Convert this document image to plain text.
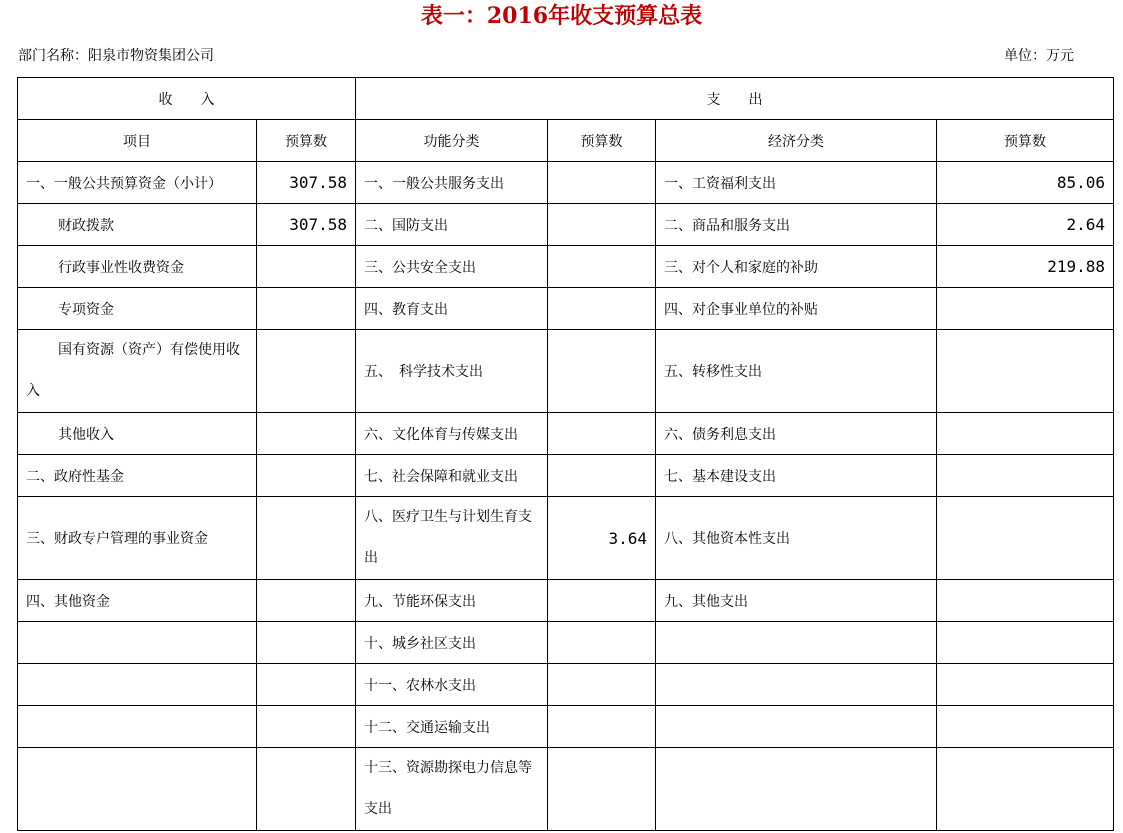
表一：2016年收支预算总表
部门名称：阳泉市物资集团公司	单位：万元
收　　入		支　　出			
项目	预算数	功能分类	预算数	经济分类	预算数
一、一般公共预算资金（小计）	307.58	一、一般公共服务支出		一、工资福利支出	85.06
财政拨款	307.58	二、国防支出		二、商品和服务支出	2.64
行政事业性收费资金		三、公共安全支出		三、对个人和家庭的补助	219.88
专项资金		四、教育支出		四、对企事业单位的补贴	
国有资源（资产）有偿使用收入		五、　科学技术支出		五、转移性支出	
其他收入		六、文化体育与传媒支出		六、债务利息支出	
二、政府性基金		七、社会保障和就业支出		七、基本建设支出	
三、财政专户管理的事业资金		八、医疗卫生与计划生育支出	3.64	八、其他资本性支出	
四、其他资金		九、节能环保支出		九、其他支出	
		十、城乡社区支出			
		十一、农林水支出			
		十二、交通运输支出			
		十三、资源勘探电力信息等支出			
